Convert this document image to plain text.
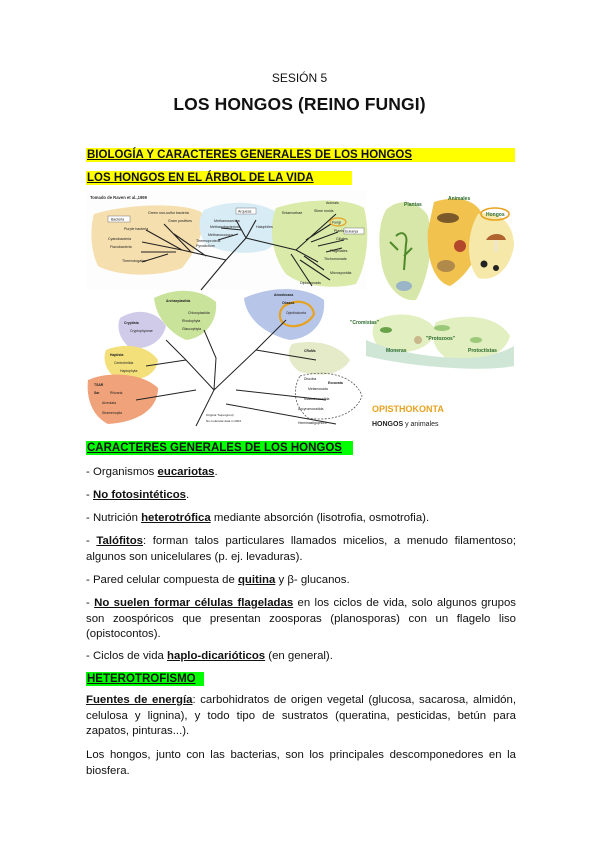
SESIÓN 5
LOS HONGOS (REINO FUNGI)
BIOLOGÍA Y CARACTERES GENERALES DE LOS HONGOS
LOS HONGOS EN EL ÁRBOL DE LA VIDA
Tomado de Raven et al.,1999
Bacteria
Arqueas
Eukarya
Green non-sulfur bacteria
Gram positives
Purple bacteria
Cyanobacteria
Flavobacteria
Thermotogales
Methanosarcina
Methanobacterium
Methanococcus
Thermoproteus
Pyrodictium
Halophiles
Entamoebae	Slime molds
Animals
Fungi
Plants
Ciliates
Flagellates
Trichomonads
Microsporidia
Diplomonads
Archaeplastida
Chloroplastida
Rhodophyta
Glaucophyta
Cryptista
Cryptophyceae
Haptista
Centrohelida
Haptophyta
TSAR
Sar	Rhizaria
Alveolata
Stramenopila
Amoebozoa
Obazoa
Opisthokonta
CRuMs
Discoba
Excavata
Metamonada
Malawimonadida
Ancyromonadida
Hemimastigophora
Original 'Supergroup'
No molecular data in 2004
Plantas
Animales
Hongos
"Cromistas"
"Protozoos"
Moneras	Protoctistas
OPISTHOKONTA
HONGOS y animales
CARACTERES GENERALES DE LOS HONGOS
- Organismos eucariotas.
- No fotosintéticos.
- Nutrición heterotrófica mediante absorción (lisotrofia, osmotrofia).
- Talófitos: forman talos particulares llamados micelios, a menudo filamentoso; algunos son unicelulares (p. ej. levaduras).
- Pared celular compuesta de quitina y β- glucanos.
- No suelen formar células flageladas en los ciclos de vida, solo algunos grupos son zoospóricos que presentan zoosporas (planosporas) con un flagelo liso (opistocontos).
- Ciclos de vida haplo-dicarióticos (en general).
HETEROTROFISMO
Fuentes de energía: carbohidratos de origen vegetal (glucosa, sacarosa, almidón, celulosa y lignina), y todo tipo de sustratos (queratina, pesticidas, betún para zapatos, pinturas...).
Los hongos, junto con las bacterias, son los principales descomponedores en la biosfera.
